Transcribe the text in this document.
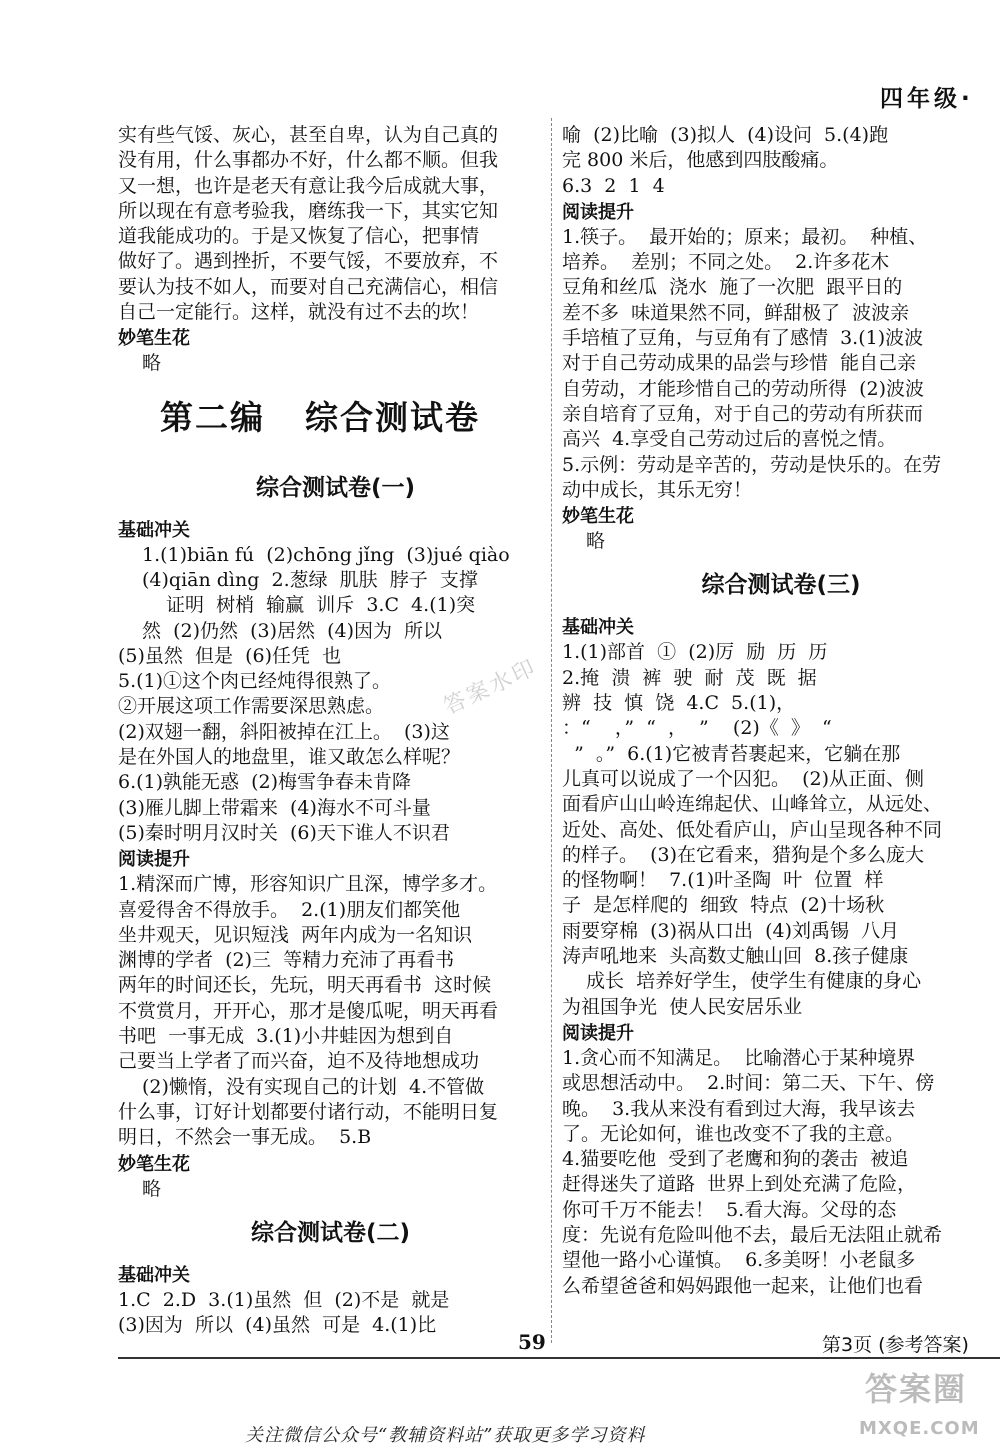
四年级·
实有些气馁、灰心，甚至自卑，认为自己真的
没有用，什么事都办不好，什么都不顺。但我
又一想，也许是老天有意让我今后成就大事，
所以现在有意考验我，磨练我一下，其实它知
道我能成功的。于是又恢复了信心，把事情
做好了。遇到挫折，不要气馁，不要放弃，不
要认为技不如人，而要对自己充满信心，相信
自己一定能行。这样，就没有过不去的坎！
妙笔生花
略
第二编 综合测试卷
综合测试卷(一)
基础冲关
1.(1)biān fú  (2)chōng jǐng  (3)jué qiào
(4)qiān dìng  2.葱绿  肌肤  脖子  支撑
证明  树梢  输赢  训斥  3.C  4.(1)突
然  (2)仍然  (3)居然  (4)因为  所以
(5)虽然  但是  (6)任凭  也
5.(1)①这个肉已经炖得很熟了。
②开展这项工作需要深思熟虑。
(2)双翅一翻，斜阳被掉在江上。  (3)这
是在外国人的地盘里，谁又敢怎么样呢？
6.(1)孰能无惑  (2)梅雪争春未肯降
(3)雁儿脚上带霜来  (4)海水不可斗量
(5)秦时明月汉时关  (6)天下谁人不识君
阅读提升
1.精深而广博，形容知识广且深，博学多才。
喜爱得舍不得放手。  2.(1)朋友们都笑他
坐井观天，见识短浅  两年内成为一名知识
渊博的学者  (2)三  等精力充沛了再看书
两年的时间还长，先玩，明天再看书  这时候
不赏赏月，开开心，那才是傻瓜呢，明天再看
书吧  一事无成  3.(1)小井蛙因为想到自
己要当上学者了而兴奋，迫不及待地想成功
(2)懒惰，没有实现自己的计划  4.不管做
什么事，订好计划都要付诸行动，不能明日复
明日，不然会一事无成。  5.B
妙笔生花
略
综合测试卷(二)
基础冲关
1.C  2.D  3.(1)虽然  但  (2)不是  就是
(3)因为  所以  (4)虽然  可是  4.(1)比
喻  (2)比喻  (3)拟人  (4)设问  5.(4)跑
完 800 米后，他感到四肢酸痛。
6.3  2  1  4
阅读提升
1.筷子。  最开始的；原来；最初。  种植、
培养。  差别；不同之处。  2.许多花木
豆角和丝瓜  浇水  施了一次肥  跟平日的
差不多  味道果然不同，鲜甜极了  波波亲
手培植了豆角，与豆角有了感情  3.(1)波波
对于自己劳动成果的品尝与珍惜  能自己亲
自劳动，才能珍惜自己的劳动所得  (2)波波
亲自培育了豆角，对于自己的劳动有所获而
高兴  4.享受自己劳动过后的喜悦之情。
5.示例：劳动是辛苦的，劳动是快乐的。在劳
动中成长，其乐无穷！
妙笔生花
略
综合测试卷(三)
基础冲关
1.(1)部首  ①  (2)厉  励  历  历
2.掩  溃  裤  驶  耐  茂  既  据
辨  技  慎  饶  4.C  5.(1)，
：“    ，”  “  ，  ”    (2)《  》  “
”  。”  6.(1)它被青苔裹起来，它躺在那
儿真可以说成了一个囚犯。  (2)从正面、侧
面看庐山山岭连绵起伏、山峰耸立，从远处、
近处、高处、低处看庐山，庐山呈现各种不同
的样子。  (3)在它看来，猎狗是个多么庞大
的怪物啊！  7.(1)叶圣陶  叶  位置  样
子  是怎样爬的  细致  特点  (2)十场秋
雨要穿棉  (3)祸从口出  (4)刘禹锡  八月
涛声吼地来  头高数丈触山回  8.孩子健康
成长  培养好学生，使学生有健康的身心
为祖国争光  使人民安居乐业
阅读提升
1.贪心而不知满足。  比喻潜心于某种境界
或思想活动中。  2.时间：第二天、下午、傍
晚。  3.我从来没有看到过大海，我早该去
了。无论如何，谁也改变不了我的主意。
4.猫要吃他  受到了老鹰和狗的袭击  被追
赶得迷失了道路  世界上到处充满了危险，
你可千万不能去！  5.看大海。父母的态
度：先说有危险叫他不去，最后无法阻止就希
望他一路小心谨慎。  6.多美呀！小老鼠多
么希望爸爸和妈妈跟他一起来，让他们也看
答案水印
59	第3页 (参考答案)
关注微信公众号“教辅资料站”获取更多学习资料
答案圈
MXQE.COM
